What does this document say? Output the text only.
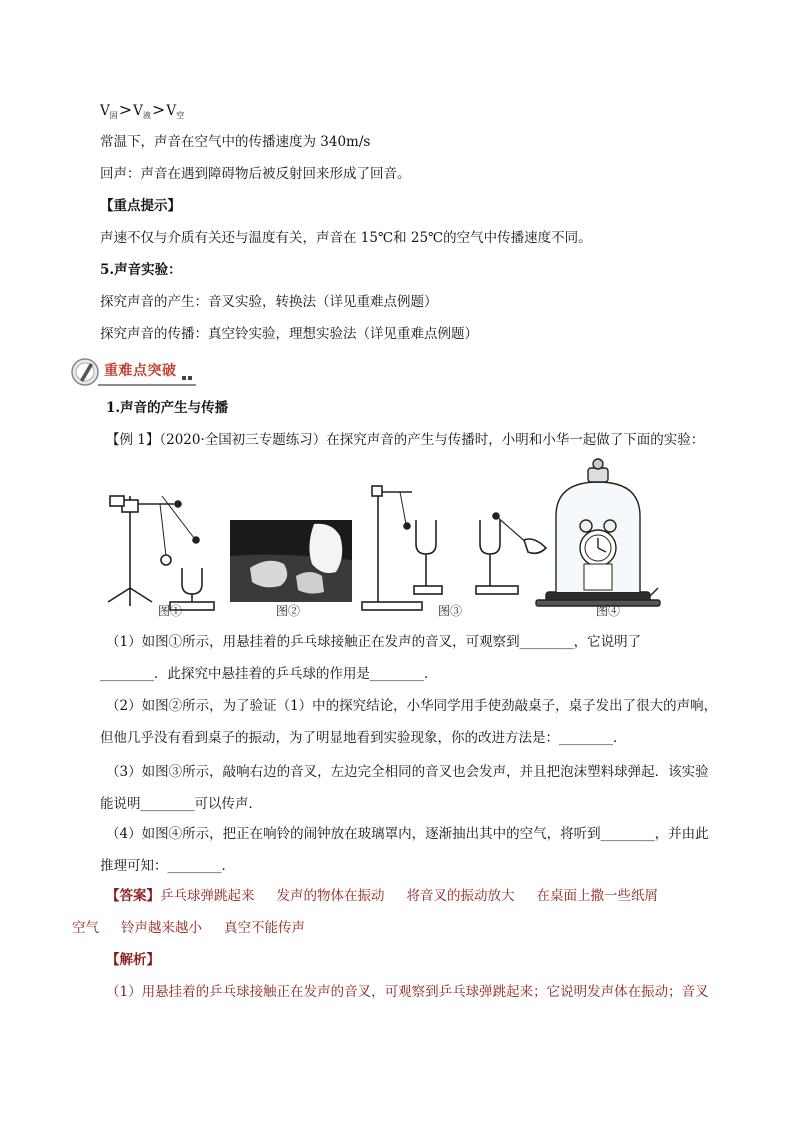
$V_固>V_液>V_空$
常温下，声音在空气中的传播速度为 340m/s
回声：声音在遇到障碍物后被反射回来形成了回音。
【重点提示】
声速不仅与介质有关还与温度有关，声音在 15℃和 25℃的空气中传播速度不同。
5.声音实验：
探究声音的产生：音叉实验，转换法（详见重难点例题）
探究声音的传播：真空铃实验，理想实验法（详见重难点例题）
重难点突破
1.声音的产生与传播
【例 1】（2020·全国初三专题练习）在探究声音的产生与传播时，小明和小华一起做了下面的实验：
图①	图②	图③	图④
（1）如图①所示，用悬挂着的乒乓球接触正在发声的音叉，可观察到________，它说明了
________．此探究中悬挂着的乒乓球的作用是________．
（2）如图②所示，为了验证（1）中的探究结论，小华同学用手使劲敲桌子，桌子发出了很大的声响，
但他几乎没有看到桌子的振动，为了明显地看到实验现象，你的改进方法是：________．
（3）如图③所示，敲响右边的音叉，左边完全相同的音叉也会发声，并且把泡沫塑料球弹起．该实验
能说明________可以传声．
（4）如图④所示，把正在响铃的闹钟放在玻璃罩内，逐渐抽出其中的空气，将听到________，并由此
推理可知：________．
【答案】乒乓球弹跳起来 发声的物体在振动 将音叉的振动放大 在桌面上撒一些纸屑
空气 铃声越来越小 真空不能传声
【解析】
（1）用悬挂着的乒乓球接触正在发声的音叉，可观察到乒乓球弹跳起来；它说明发声体在振动；音叉
